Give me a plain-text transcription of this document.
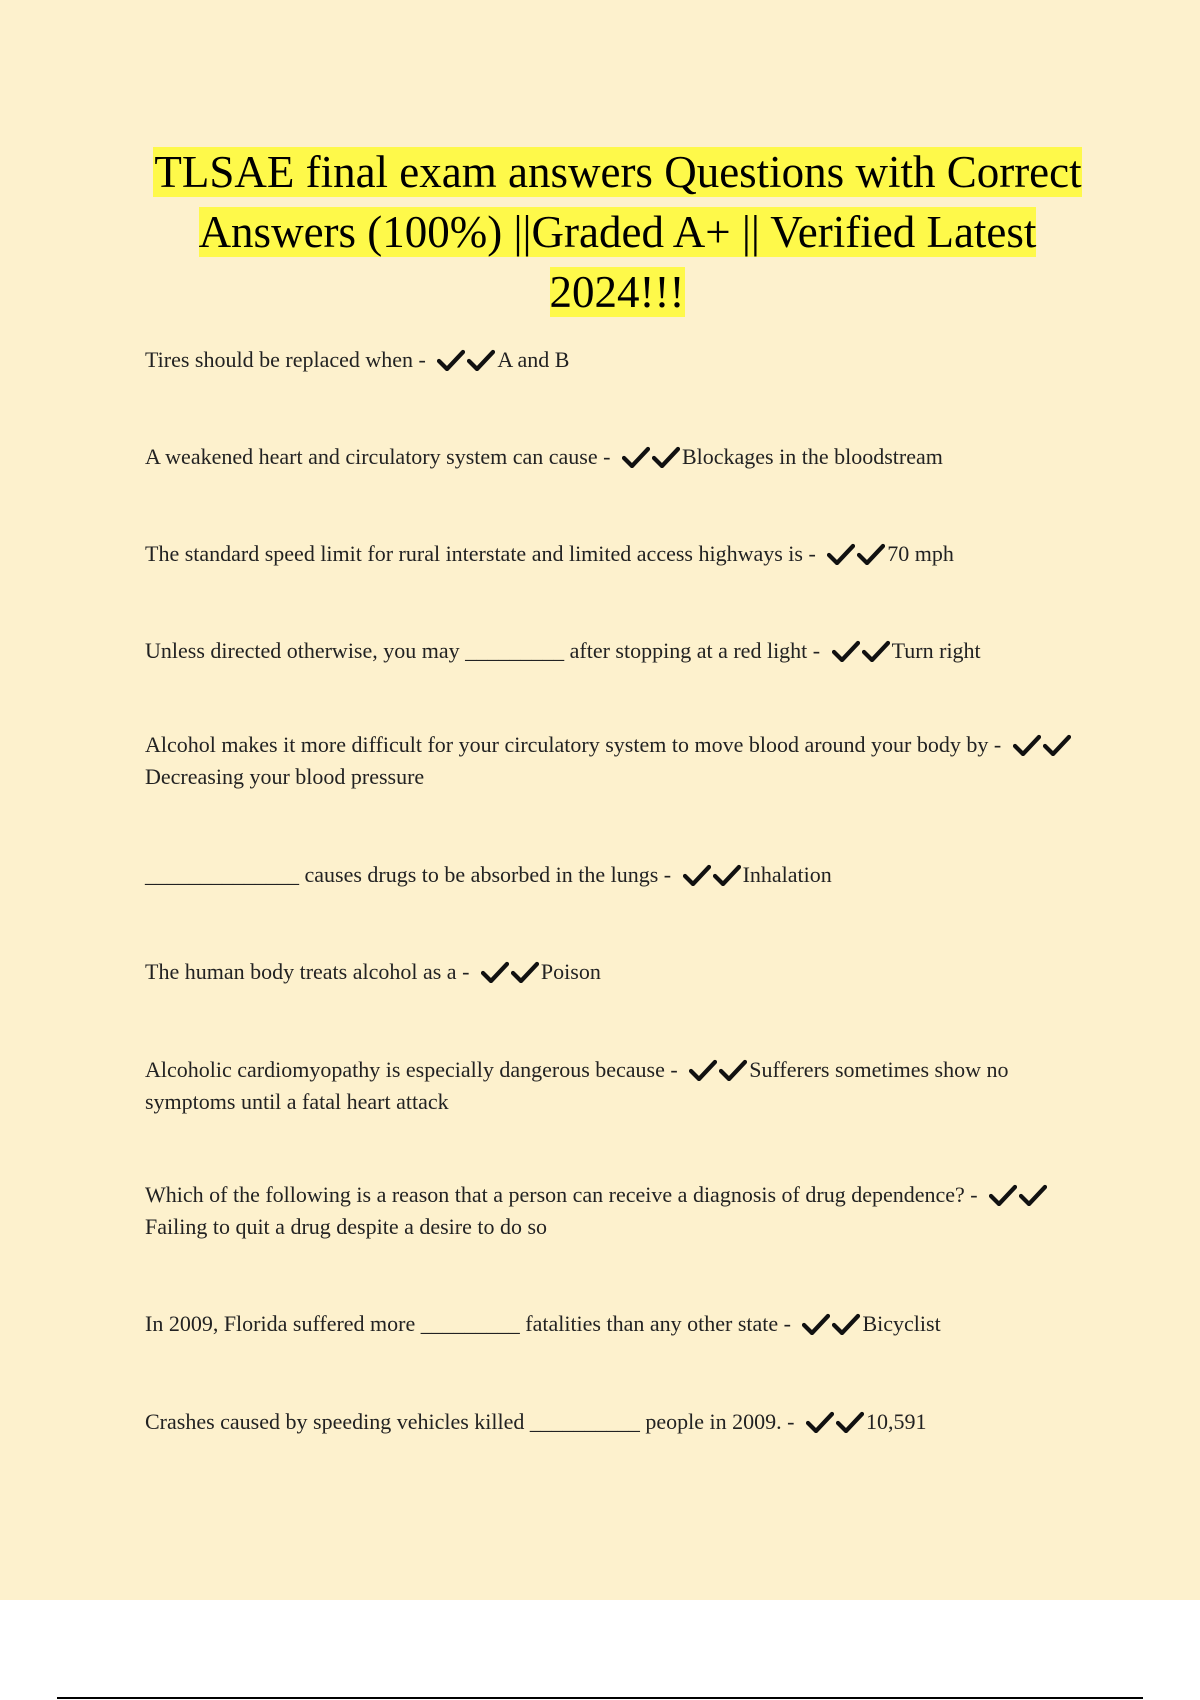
TLSAE final exam answers Questions with Correct Answers (100%) ||Graded A+ || Verified Latest 2024!!!
Tires should be replaced when -	A and B
A weakened heart and circulatory system can cause -	Blockages in the bloodstream
The standard speed limit for rural interstate and limited access highways is -	70 mph
Unless directed otherwise, you may _________ after stopping at a red light -	Turn right
Alcohol makes it more difficult for your circulatory system to move blood around your body by -
Decreasing your blood pressure
______________ causes drugs to be absorbed in the lungs -	Inhalation
The human body treats alcohol as a -	Poison
Alcoholic cardiomyopathy is especially dangerous because -	Sufferers sometimes show no symptoms until a fatal heart attack
Which of the following is a reason that a person can receive a diagnosis of drug dependence? -
Failing to quit a drug despite a desire to do so
In 2009, Florida suffered more _________ fatalities than any other state -	Bicyclist
Crashes caused by speeding vehicles killed __________ people in 2009. -	10,591
